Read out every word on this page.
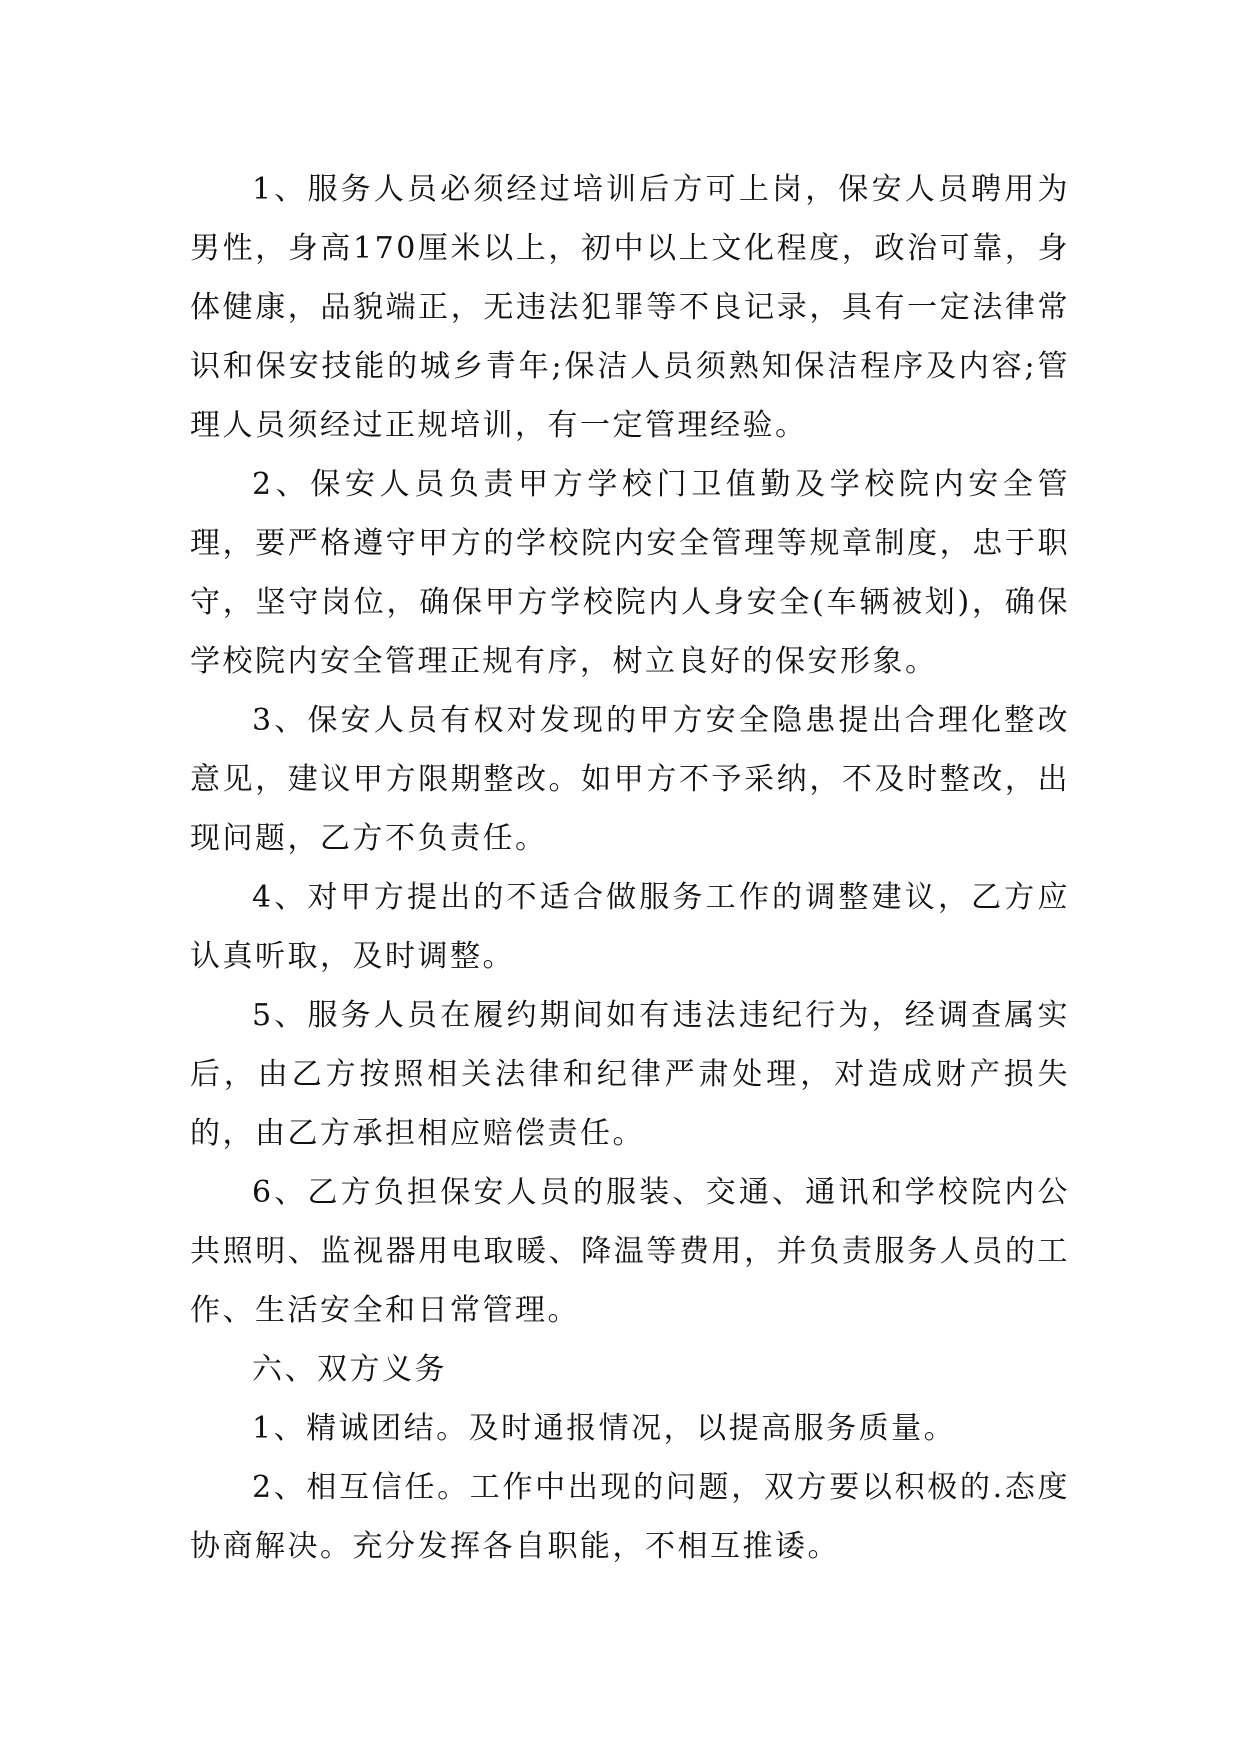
1、服务人员必须经过培训后方可上岗，保安人员聘用为男性，身高170厘米以上，初中以上文化程度，政治可靠，身体健康，品貌端正，无违法犯罪等不良记录，具有一定法律常识和保安技能的城乡青年;保洁人员须熟知保洁程序及内容;管理人员须经过正规培训，有一定管理经验。

2、保安人员负责甲方学校门卫值勤及学校院内安全管理，要严格遵守甲方的学校院内安全管理等规章制度，忠于职守，坚守岗位，确保甲方学校院内人身安全(车辆被划)，确保学校院内安全管理正规有序，树立良好的保安形象。

3、保安人员有权对发现的甲方安全隐患提出合理化整改意见，建议甲方限期整改。如甲方不予采纳，不及时整改，出现问题，乙方不负责任。

4、对甲方提出的不适合做服务工作的调整建议，乙方应认真听取，及时调整。

5、服务人员在履约期间如有违法违纪行为，经调查属实后，由乙方按照相关法律和纪律严肃处理，对造成财产损失的，由乙方承担相应赔偿责任。

6、乙方负担保安人员的服装、交通、通讯和学校院内公共照明、监视器用电取暖、降温等费用，并负责服务人员的工作、生活安全和日常管理。

六、双方义务

1、精诚团结。及时通报情况，以提高服务质量。

2、相互信任。工作中出现的问题，双方要以积极的.态度协商解决。充分发挥各自职能，不相互推诿。
